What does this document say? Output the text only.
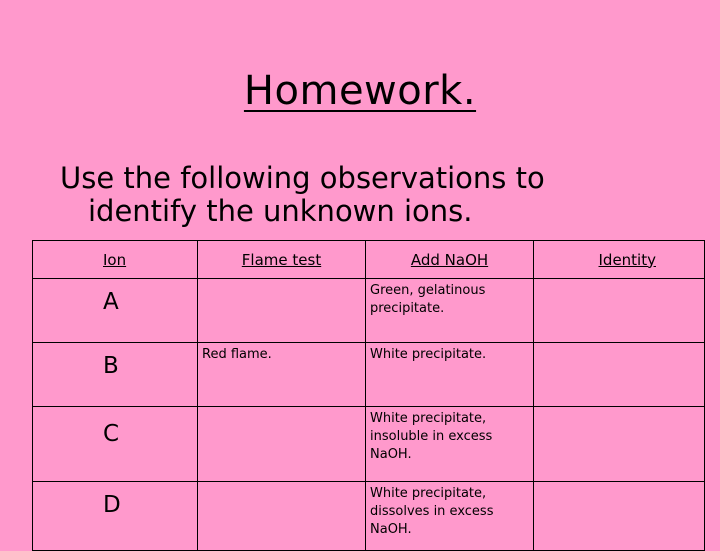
Homework.
Use the following observations to identify the unknown ions.
Ion	Flame test	Add NaOH	Identity
A		Green, gelatinous precipitate.	
B	Red flame.	White precipitate.	
C		White precipitate, insoluble in excess NaOH.	
D		White precipitate, dissolves in excess NaOH.	
